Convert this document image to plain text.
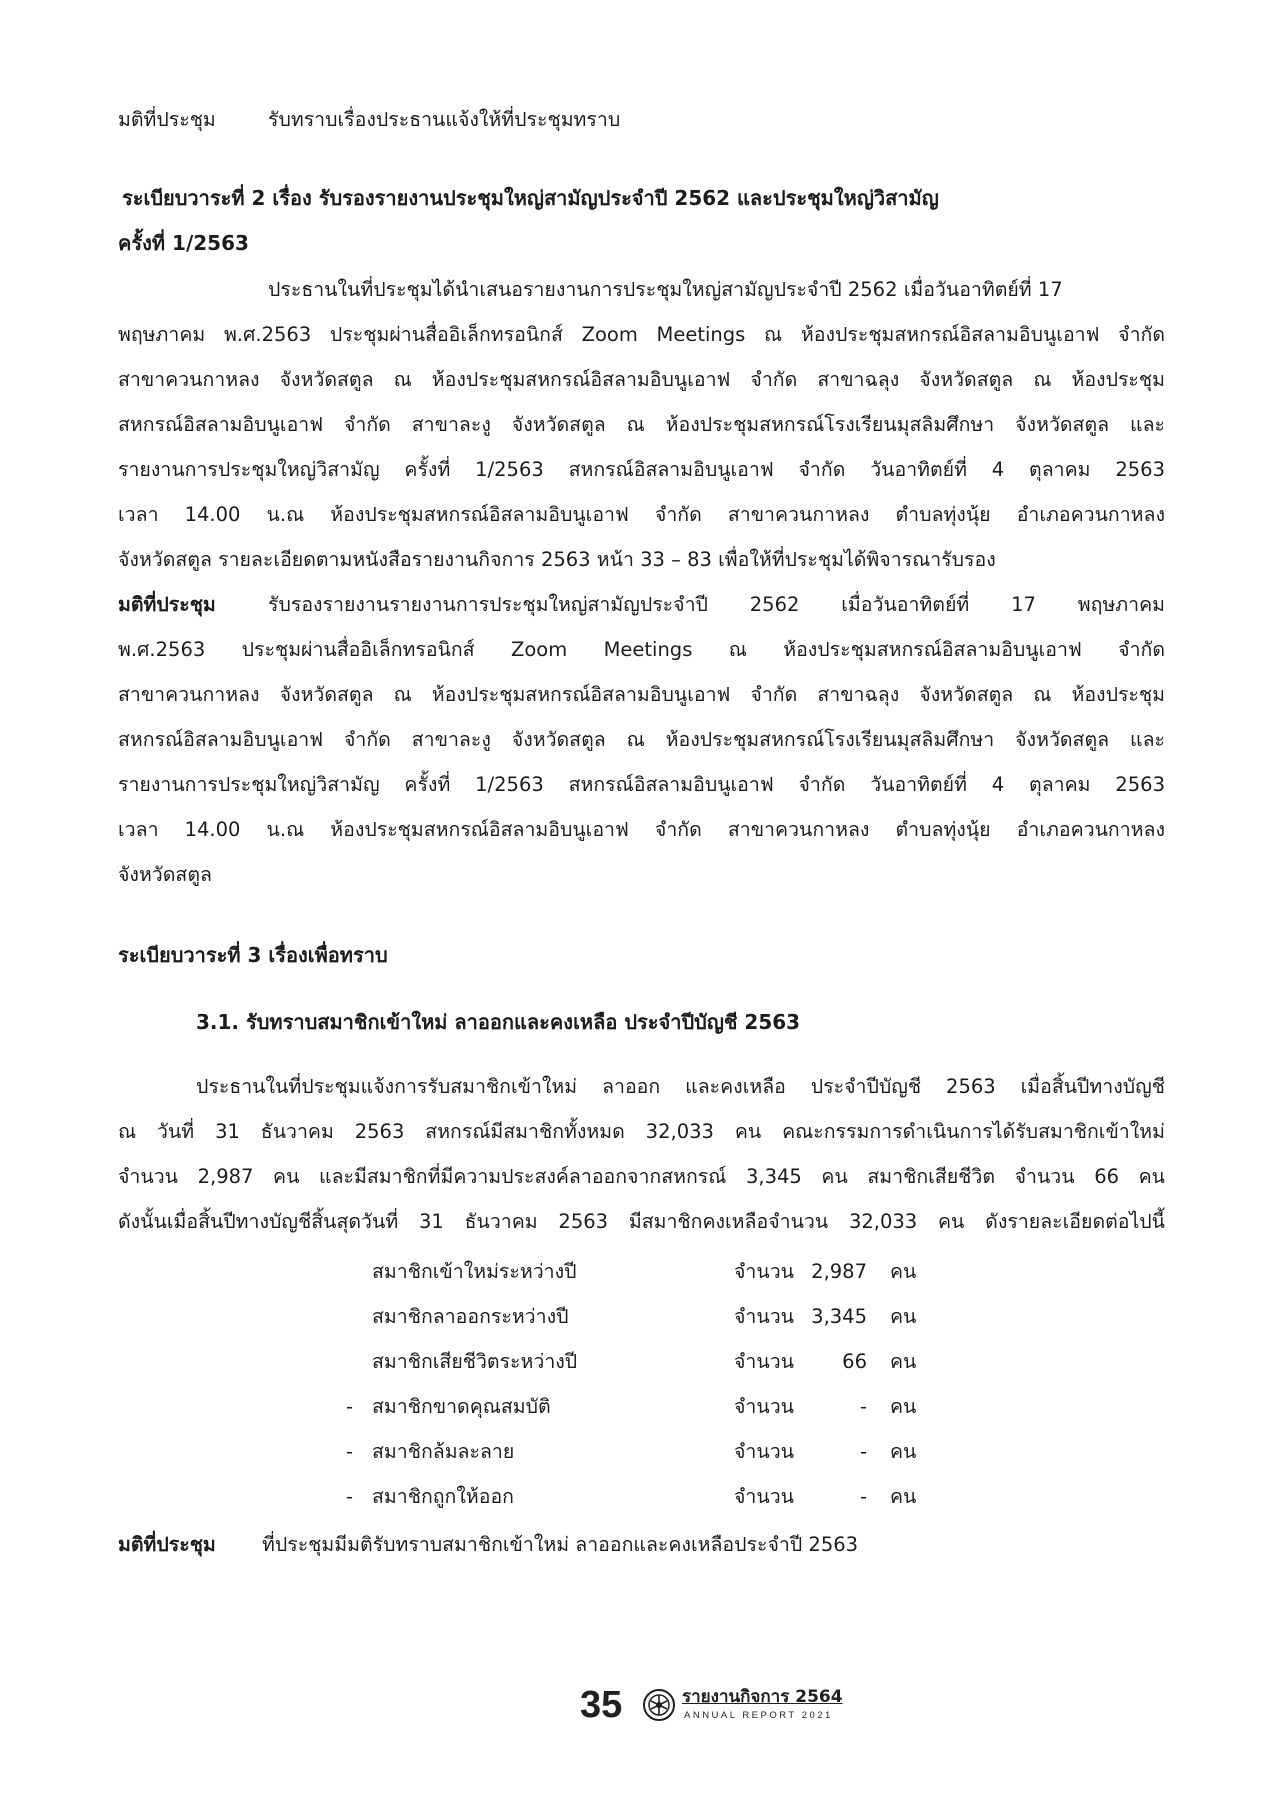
มติที่ประชุม	รับทราบเรื่องประธานแจ้งให้ที่ประชุมทราบ
ระเบียบวาระที่ 2 เรื่อง รับรองรายงานประชุมใหญ่สามัญประจำปี 2562 และประชุมใหญ่วิสามัญ
ครั้งที่ 1/2563
ประธานในที่ประชุมได้นำเสนอรายงานการประชุมใหญ่สามัญประจำปี 2562 เมื่อวันอาทิตย์ที่ 17
พฤษภาคม พ.ศ.2563 ประชุมผ่านสื่ออิเล็กทรอนิกส์ Zoom Meetings ณ ห้องประชุมสหกรณ์อิสลามอิบนูเอาฟ จำกัด
สาขาควนกาหลง จังหวัดสตูล ณ ห้องประชุมสหกรณ์อิสลามอิบนูเอาฟ จำกัด สาขาฉลุง จังหวัดสตูล ณ ห้องประชุม
สหกรณ์อิสลามอิบนูเอาฟ จำกัด สาขาละงู จังหวัดสตูล ณ ห้องประชุมสหกรณ์โรงเรียนมุสลิมศึกษา จังหวัดสตูล และ
รายงานการประชุมใหญ่วิสามัญ ครั้งที่ 1/2563 สหกรณ์อิสลามอิบนูเอาฟ จำกัด วันอาทิตย์ที่ 4 ตุลาคม 2563
เวลา 14.00 น.ณ ห้องประชุมสหกรณ์อิสลามอิบนูเอาฟ จำกัด สาขาควนกาหลง ตำบลทุ่งนุ้ย อำเภอควนกาหลง
จังหวัดสตูล รายละเอียดตามหนังสือรายงานกิจการ 2563 หน้า 33 – 83 เพื่อให้ที่ประชุมได้พิจารณารับรอง
มติที่ประชุม	รับรองรายงานรายงานการประชุมใหญ่สามัญประจำปี 2562 เมื่อวันอาทิตย์ที่ 17 พฤษภาคม
พ.ศ.2563 ประชุมผ่านสื่ออิเล็กทรอนิกส์ Zoom Meetings ณ ห้องประชุมสหกรณ์อิสลามอิบนูเอาฟ จำกัด
สาขาควนกาหลง จังหวัดสตูล ณ ห้องประชุมสหกรณ์อิสลามอิบนูเอาฟ จำกัด สาขาฉลุง จังหวัดสตูล ณ ห้องประชุม
สหกรณ์อิสลามอิบนูเอาฟ จำกัด สาขาละงู จังหวัดสตูล ณ ห้องประชุมสหกรณ์โรงเรียนมุสลิมศึกษา จังหวัดสตูล และ
รายงานการประชุมใหญ่วิสามัญ ครั้งที่ 1/2563 สหกรณ์อิสลามอิบนูเอาฟ จำกัด วันอาทิตย์ที่ 4 ตุลาคม 2563
เวลา 14.00 น.ณ ห้องประชุมสหกรณ์อิสลามอิบนูเอาฟ จำกัด สาขาควนกาหลง ตำบลทุ่งนุ้ย อำเภอควนกาหลง
จังหวัดสตูล
ระเบียบวาระที่ 3 เรื่องเพื่อทราบ
3.1. รับทราบสมาชิกเข้าใหม่ ลาออกและคงเหลือ ประจำปีบัญชี 2563
ประธานในที่ประชุมแจ้งการรับสมาชิกเข้าใหม่ ลาออก และคงเหลือ ประจำปีบัญชี 2563 เมื่อสิ้นปีทางบัญชี
ณ วันที่ 31 ธันวาคม 2563 สหกรณ์มีสมาชิกทั้งหมด 32,033 คน คณะกรรมการดำเนินการได้รับสมาชิกเข้าใหม่
จำนวน 2,987 คน และมีสมาชิกที่มีความประสงค์ลาออกจากสหกรณ์ 3,345 คน สมาชิกเสียชีวิต จำนวน 66 คน
ดังนั้นเมื่อสิ้นปีทางบัญชีสิ้นสุดวันที่ 31 ธันวาคม 2563 มีสมาชิกคงเหลือจำนวน 32,033 คน ดังรายละเอียดต่อไปนี้
สมาชิกเข้าใหม่ระหว่างปี	จำนวน 2,987 คน
สมาชิกลาออกระหว่างปี	จำนวน 3,345 คน
สมาชิกเสียชีวิตระหว่างปี	จำนวน	66 คน
- สมาชิกขาดคุณสมบัติ	จำนวน	- คน
- สมาชิกล้มละลาย	จำนวน	- คน
- สมาชิกถูกให้ออก	จำนวน	- คน
มติที่ประชุม ที่ประชุมมีมติรับทราบสมาชิกเข้าใหม่ ลาออกและคงเหลือประจำปี 2563
35	รายงานกิจการ 2564
ANNUAL REPORT 2021
